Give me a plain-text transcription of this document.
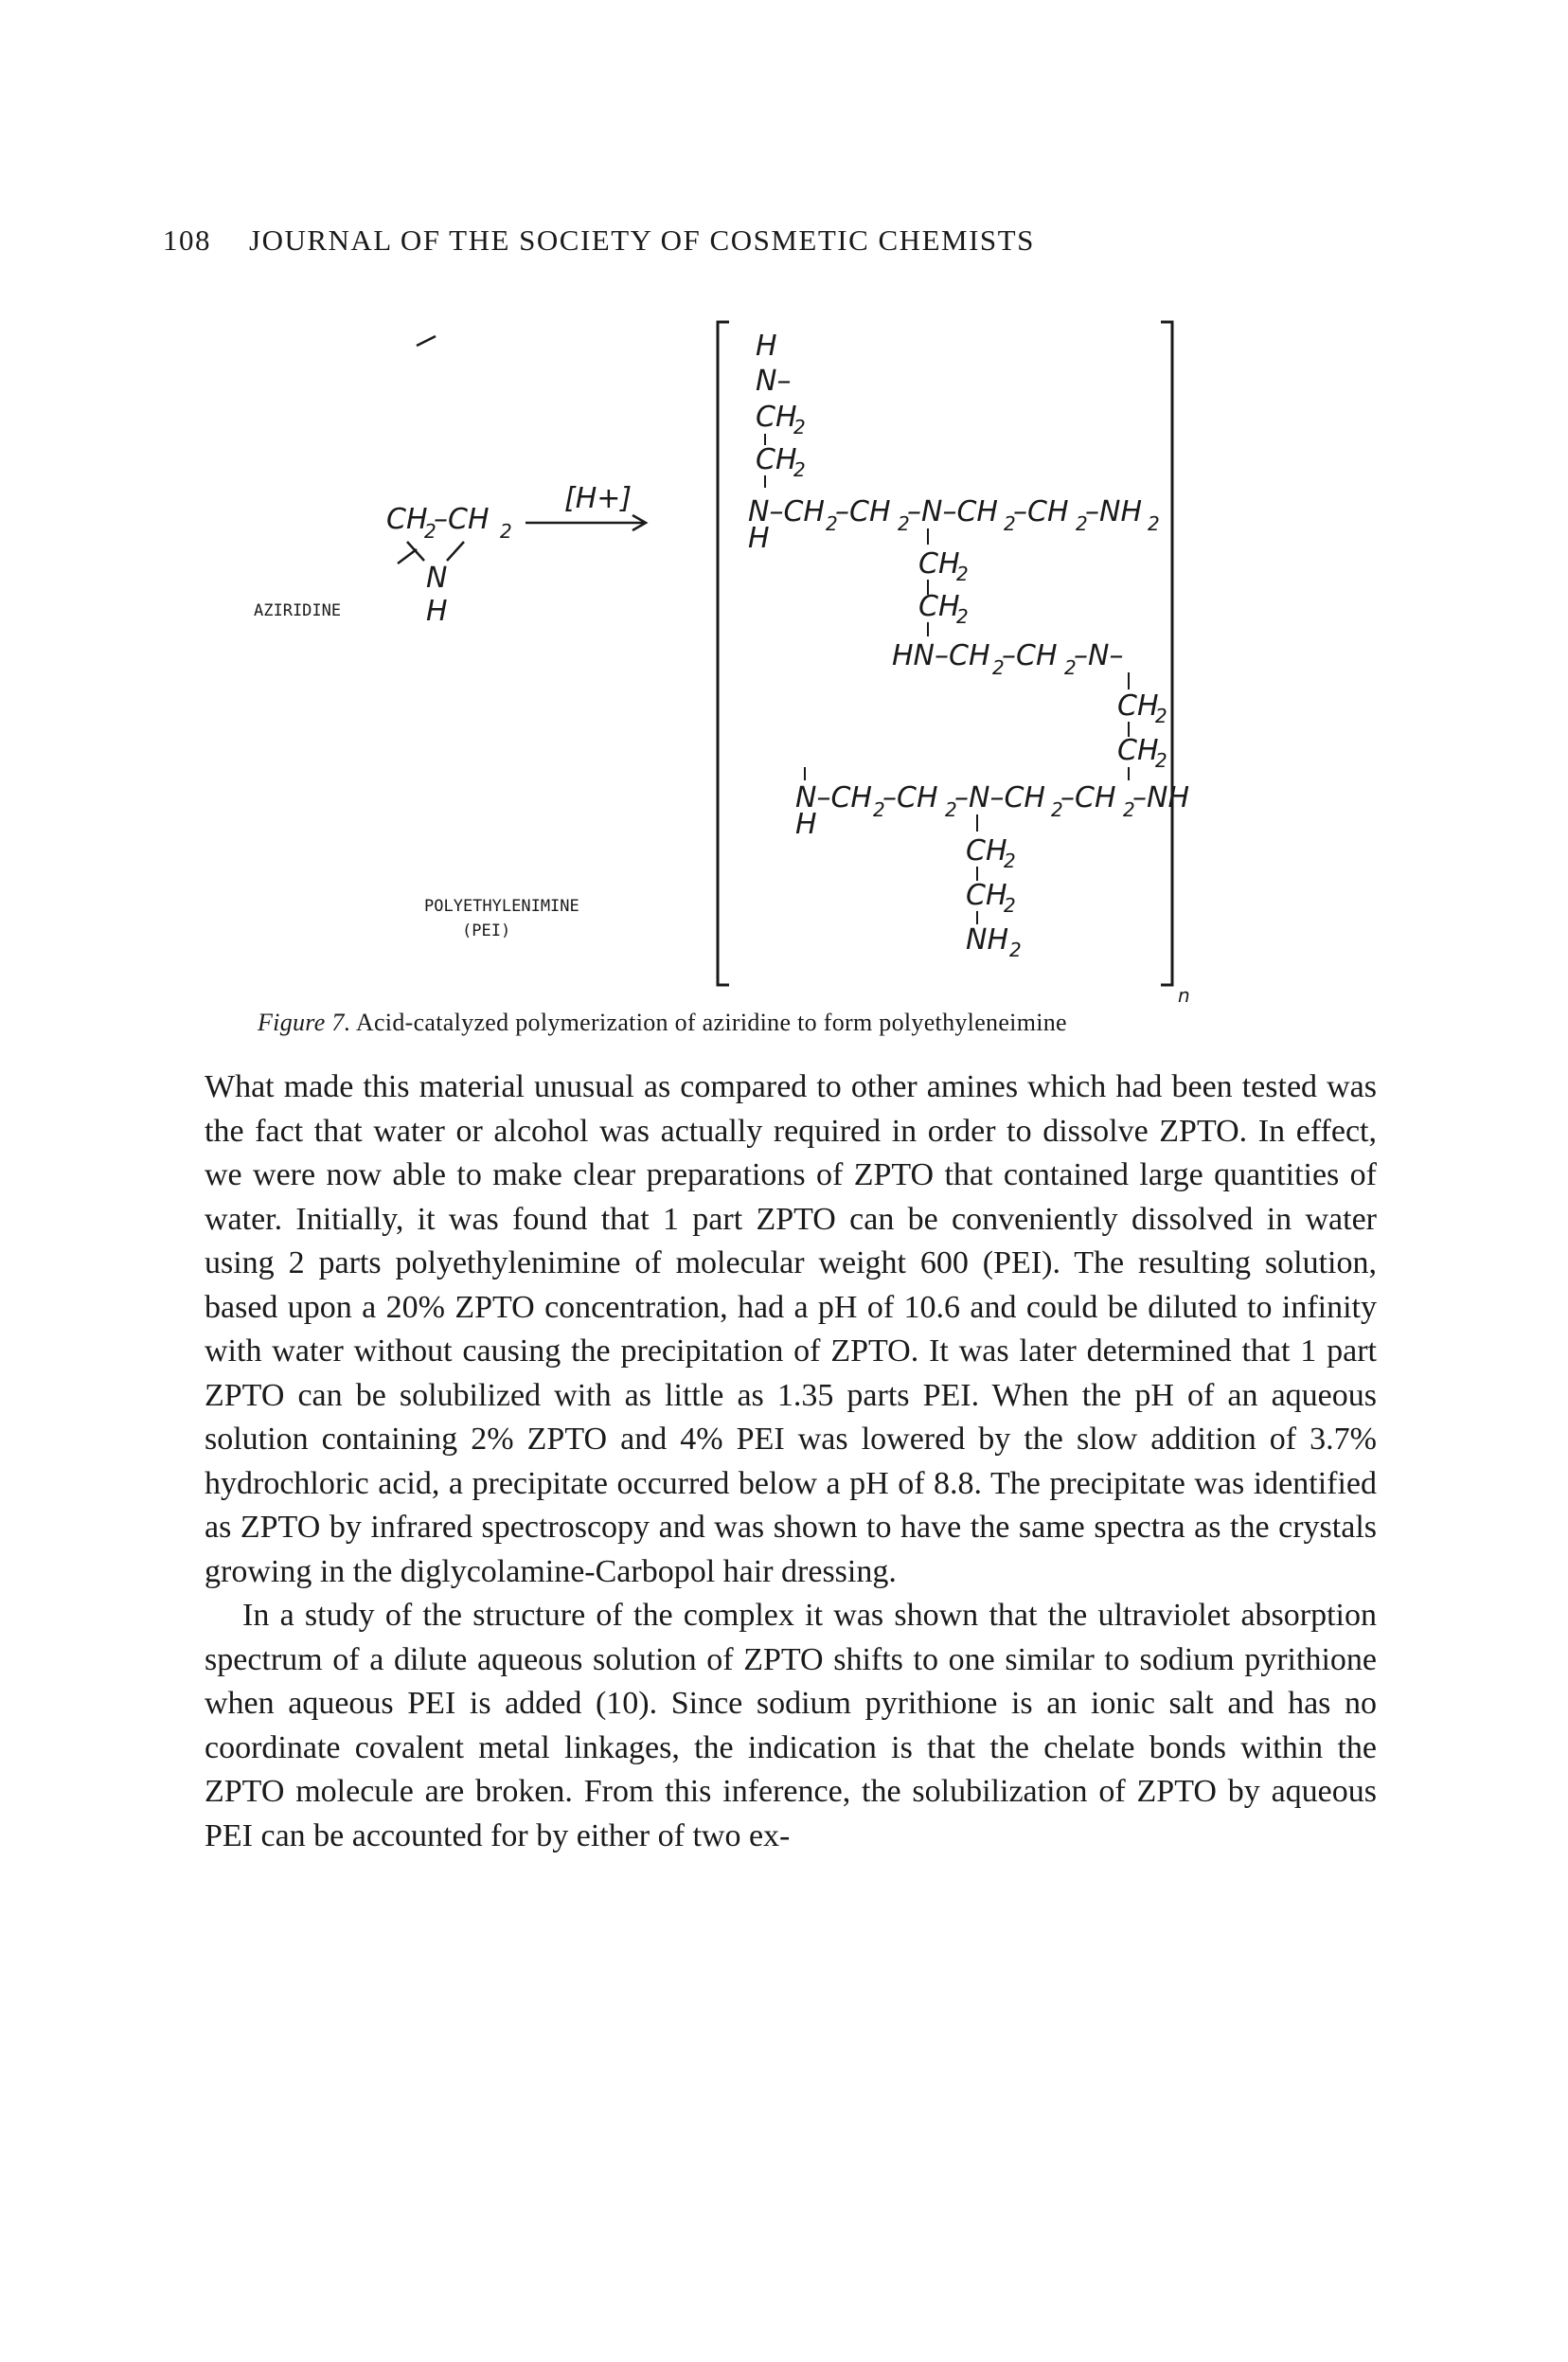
108 JOURNAL OF THE SOCIETY OF COSMETIC CHEMISTS
CH
2
–CH 2
N
H
AZIRIDINE
[H+]
H
N–
CH
2
CH
2
N–CH 2
–CH 2
–N–CH 2
–CH 2
–NH 2
H
CH
2
CH
2
HN–CH 2
–CH 2
–N–
CH
2
CH
2
N–CH 2
–CH 2
–N–CH 2
–CH 2
–NH
H
CH
2
CH
2
NH 2
n
POLYETHYLENIMINE
(PEI)
Figure 7. Acid-catalyzed polymerization of aziridine to form polyethyleneimine

What made this material unusual as compared to other amines which had been tested was the fact that water or alcohol was actually required in order to dissolve ZPTO. In effect, we were now able to make clear preparations of ZPTO that contained large quantities of water. Initially, it was found that 1 part ZPTO can be conveniently dissolved in water using 2 parts polyethylenimine of molecular weight 600 (PEI). The resulting solution, based upon a 20% ZPTO concentration, had a pH of 10.6 and could be diluted to infinity with water without causing the precipitation of ZPTO. It was later determined that 1 part ZPTO can be solubilized with as little as 1.35 parts PEI. When the pH of an aqueous solution containing 2% ZPTO and 4% PEI was lowered by the slow addition of 3.7% hydrochloric acid, a precipitate occurred below a pH of 8.8. The precipitate was identified as ZPTO by infrared spectroscopy and was shown to have the same spectra as the crystals growing in the diglycolamine-Carbopol hair dressing.

In a study of the structure of the complex it was shown that the ultraviolet absorption spectrum of a dilute aqueous solution of ZPTO shifts to one similar to sodium pyrithione when aqueous PEI is added (10). Since sodium pyrithione is an ionic salt and has no coordinate covalent metal linkages, the indication is that the chelate bonds within the ZPTO molecule are broken. From this inference, the solubilization of ZPTO by aqueous PEI can be accounted for by either of two ex-
